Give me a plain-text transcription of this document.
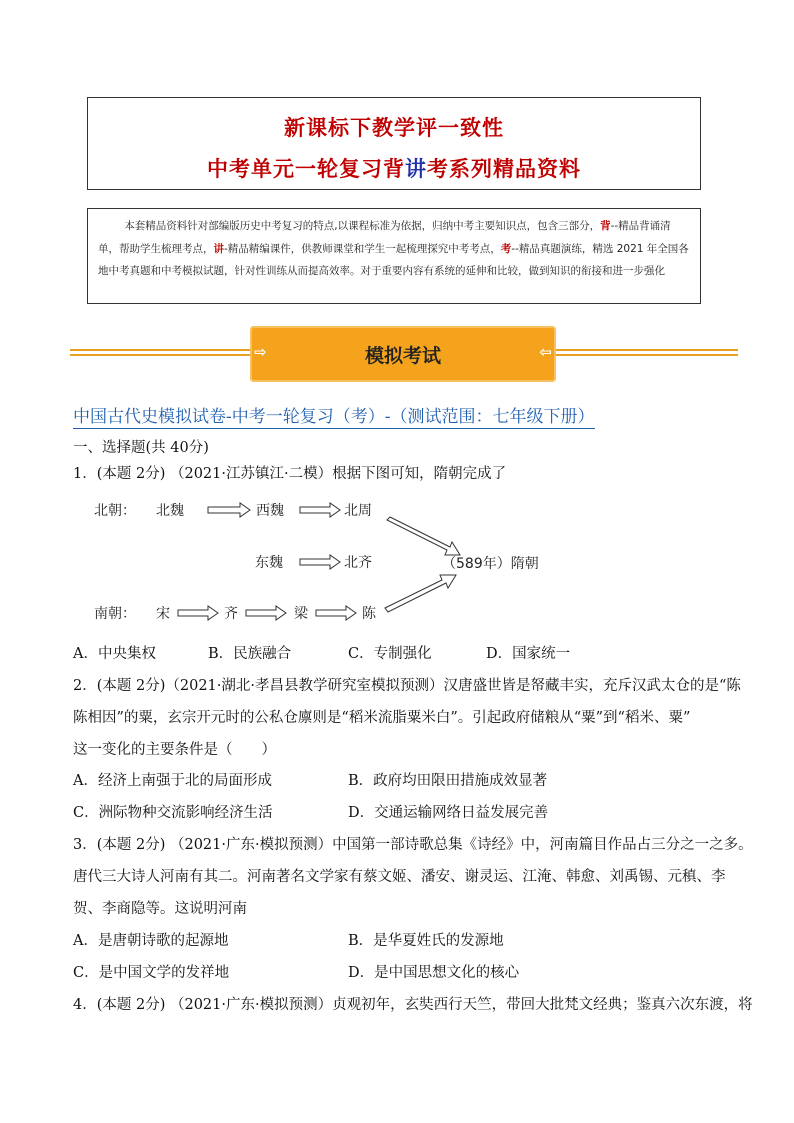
新课标下教学评一致性
中考单元一轮复习背讲考系列精品资料
本套精品资料针对部编版历史中考复习的特点,以课程标准为依据，归纳中考主要知识点，包含三部分，背--精品背诵清单，帮助学生梳理考点，讲-精品精编课件，供教师课堂和学生一起梳理探究中考考点，考--精品真题演练，精选 2021 年全国各地中考真题和中考模拟试题，针对性训练从而提高效率。对于重要内容有系统的延伸和比较，做到知识的衔接和进一步强化
⇨	模拟考试	⇦
中国古代史模拟试卷-中考一轮复习（考）-（测试范围：七年级下册）
一、选择题(共 40分)
1．(本题 2分) （2021·江苏镇江·二模）根据下图可知，隋朝完成了
北朝： 北魏	西魏	北周
东魏	北齐	（589年）隋朝
南朝： 宋	齐	梁	陈
A．中央集权	B．民族融合	C．专制强化	D．国家统一
2．(本题 2分)（2021·湖北·孝昌县教学研究室模拟预测）汉唐盛世皆是帑藏丰实，充斥汉武太仓的是“陈
陈相因”的粟，玄宗开元时的公私仓廪则是“稻米流脂粟米白”。引起政府储粮从“粟”到“稻米、粟”
这一变化的主要条件是（　　）
A．经济上南强于北的局面形成	B．政府均田限田措施成效显著
C．洲际物种交流影响经济生活	D．交通运输网络日益发展完善
3．(本题 2分) （2021·广东·模拟预测）中国第一部诗歌总集《诗经》中，河南篇目作品占三分之一之多。
唐代三大诗人河南有其二。河南著名文学家有蔡文姬、潘安、谢灵运、江淹、韩愈、刘禹锡、元稹、李
贺、李商隐等。这说明河南
A．是唐朝诗歌的起源地	B．是华夏姓氏的发源地
C．是中国文学的发祥地	D．是中国思想文化的核心
4．(本题 2分) （2021·广东·模拟预测）贞观初年，玄奘西行天竺，带回大批梵文经典；鉴真六次东渡，将
